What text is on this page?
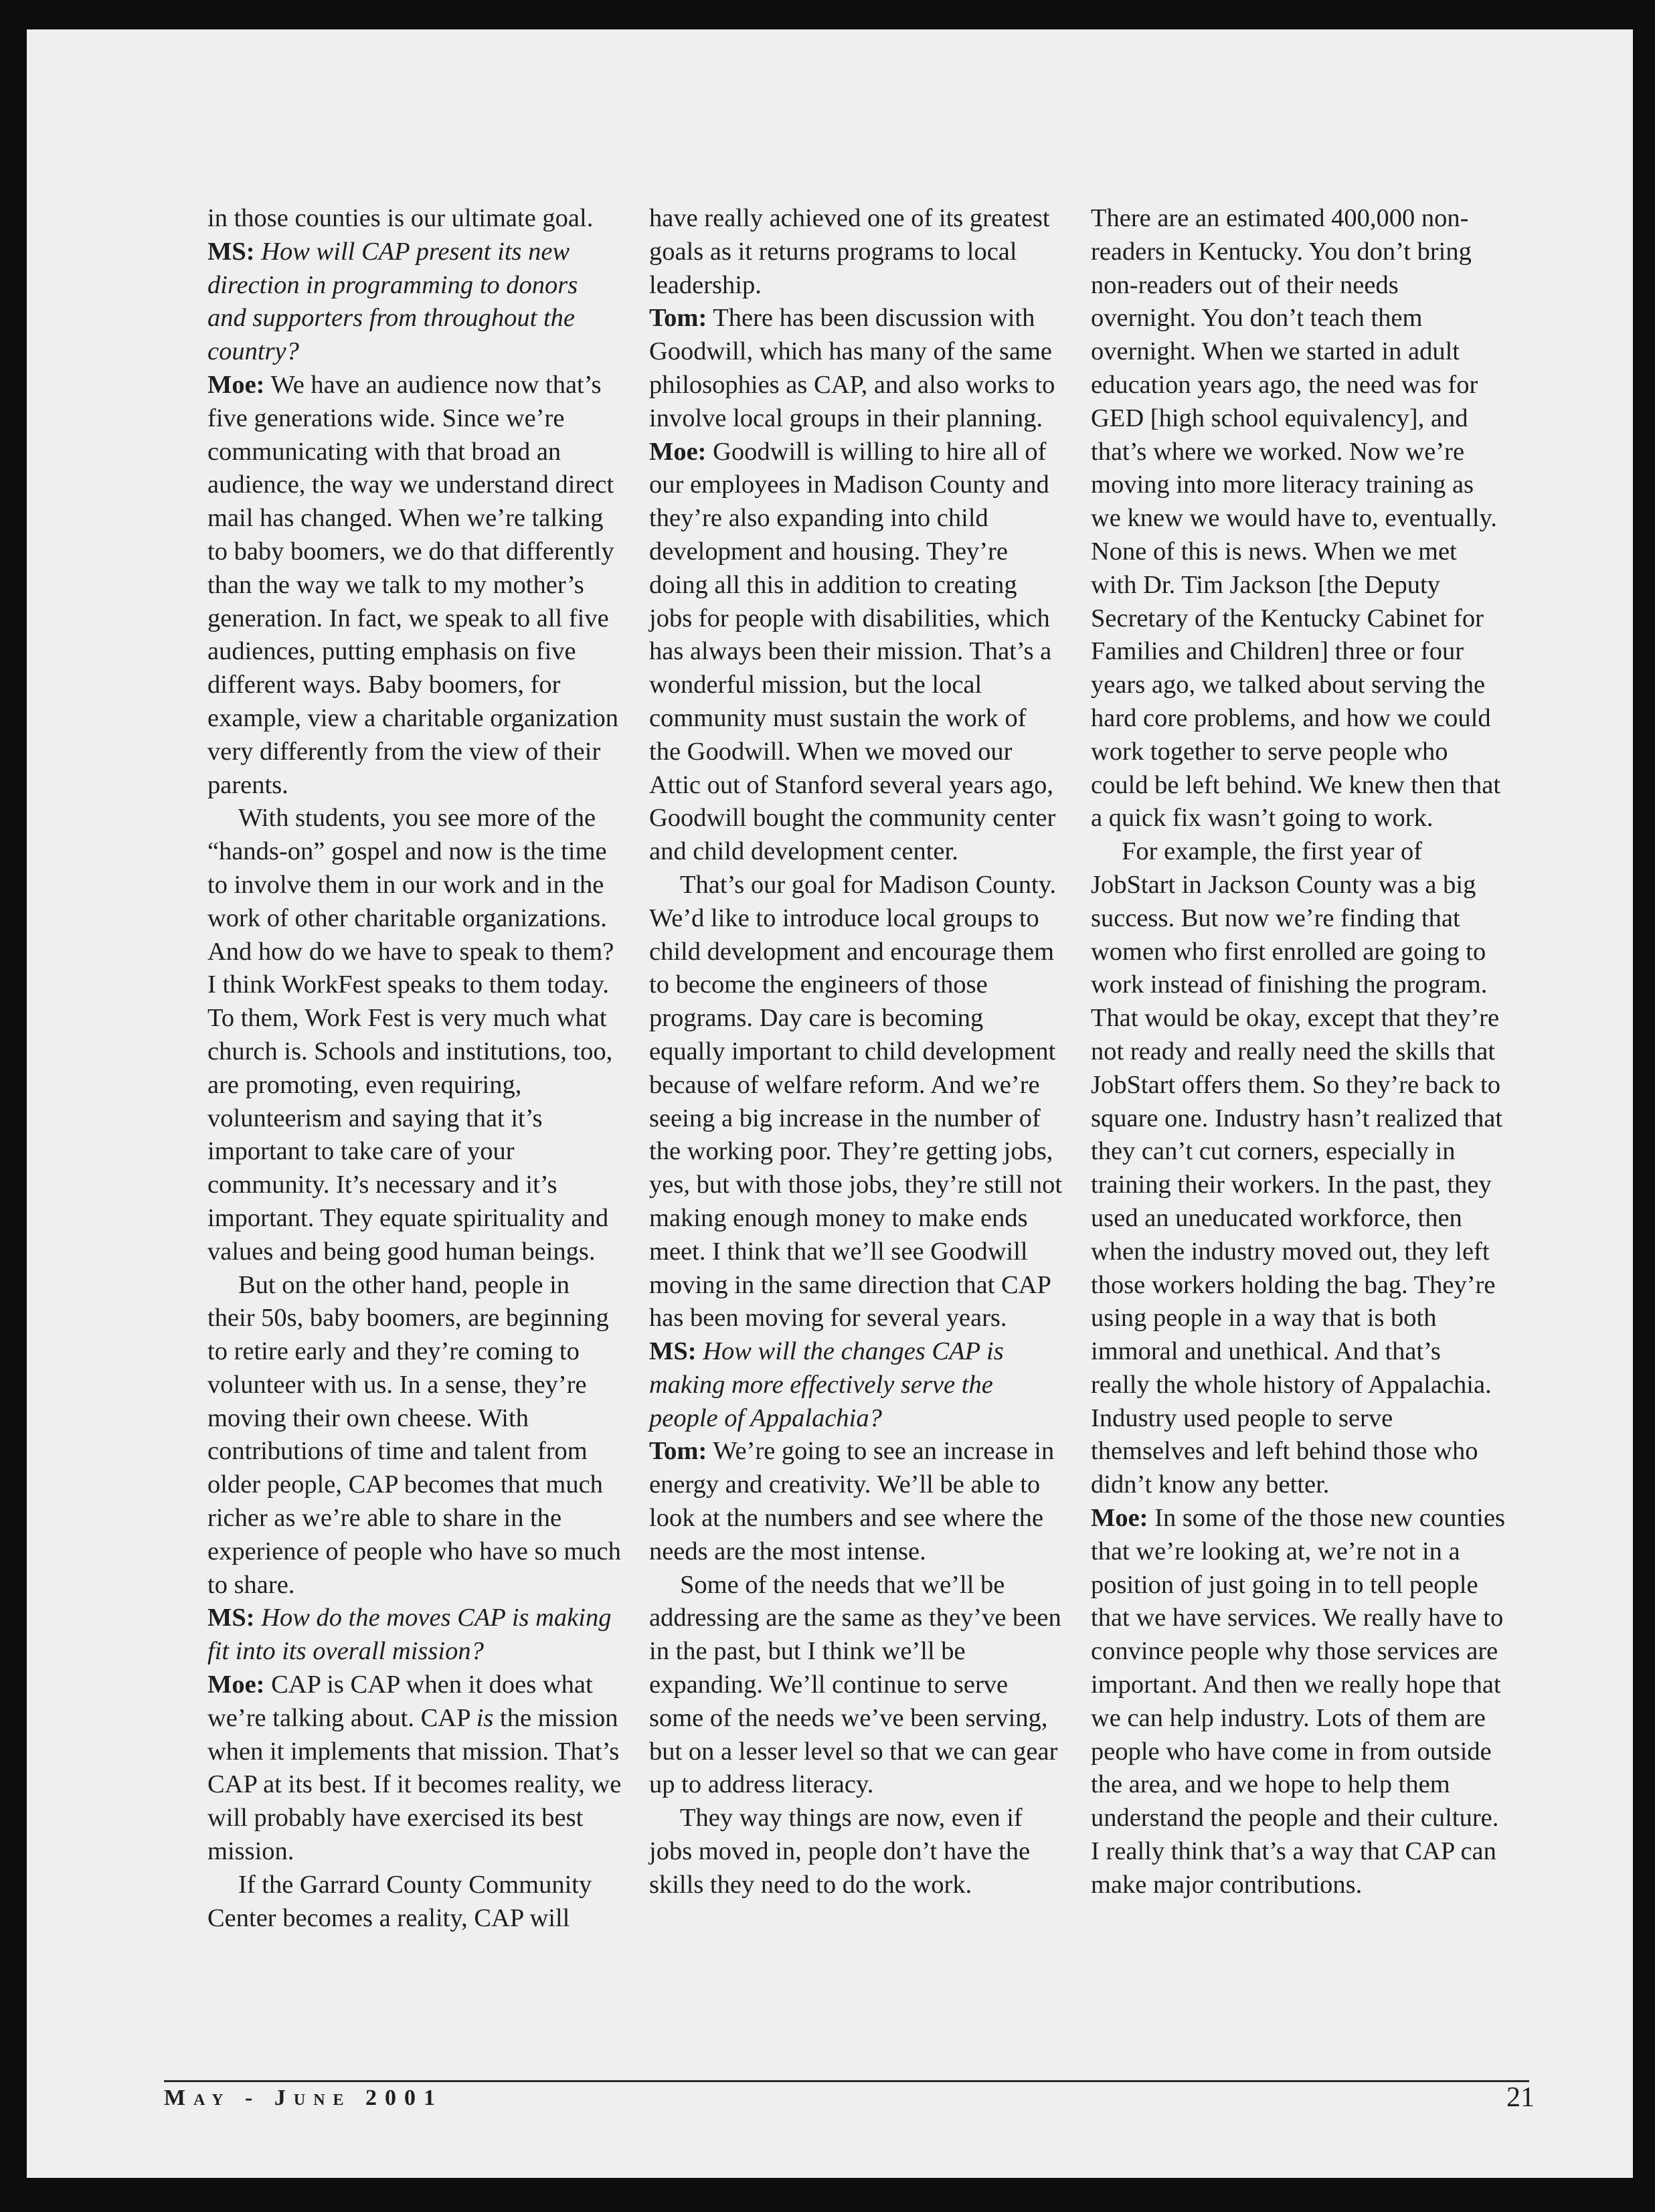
in those counties is our ultimate goal.

MS: How will CAP present its new direction in programming to donors and supporters from throughout the country?

Moe: We have an audience now that’s five generations wide. Since we’re communicating with that broad an audience, the way we understand direct mail has changed. When we’re talking to baby boomers, we do that differently than the way we talk to my mother’s generation. In fact, we speak to all five audiences, putting emphasis on five different ways. Baby boomers, for example, view a charitable organization very differently from the view of their parents.

With students, you see more of the “hands-on” gospel and now is the time to involve them in our work and in the work of other charitable organizations. And how do we have to speak to them? I think WorkFest speaks to them today. To them, Work Fest is very much what church is. Schools and institutions, too, are promoting, even requiring, volunteerism and saying that it’s important to take care of your community. It’s necessary and it’s important. They equate spirituality and values and being good human beings.

But on the other hand, people in their 50s, baby boomers, are beginning to retire early and they’re coming to volunteer with us. In a sense, they’re moving their own cheese. With contributions of time and talent from older people, CAP becomes that much richer as we’re able to share in the experience of people who have so much to share.

MS: How do the moves CAP is making fit into its overall mission?

Moe: CAP is CAP when it does what we’re talking about. CAP is the mission when it implements that mission. That’s CAP at its best. If it becomes reality, we will probably have exercised its best mission.

If the Garrard County Community Center becomes a reality, CAP will

have really achieved one of its greatest goals as it returns programs to local leadership.

Tom: There has been discussion with Goodwill, which has many of the same philosophies as CAP, and also works to involve local groups in their planning.

Moe: Goodwill is willing to hire all of our employees in Madison County and they’re also expanding into child development and housing. They’re doing all this in addition to creating jobs for people with disabilities, which has always been their mission. That’s a wonderful mission, but the local community must sustain the work of the Goodwill. When we moved our Attic out of Stanford several years ago, Goodwill bought the community center and child development center.

That’s our goal for Madison County. We’d like to introduce local groups to child development and encourage them to become the engineers of those programs. Day care is becoming equally important to child development because of welfare reform. And we’re seeing a big increase in the number of the working poor. They’re getting jobs, yes, but with those jobs, they’re still not making enough money to make ends meet. I think that we’ll see Goodwill moving in the same direction that CAP has been moving for several years.

MS: How will the changes CAP is making more effectively serve the people of Appalachia?

Tom: We’re going to see an increase in energy and creativity. We’ll be able to look at the numbers and see where the needs are the most intense.

Some of the needs that we’ll be addressing are the same as they’ve been in the past, but I think we’ll be expanding. We’ll continue to serve some of the needs we’ve been serving, but on a lesser level so that we can gear up to address literacy.

They way things are now, even if jobs moved in, people don’t have the skills they need to do the work.

There are an estimated 400,000 non-readers in Kentucky. You don’t bring non-readers out of their needs overnight. You don’t teach them overnight. When we started in adult education years ago, the need was for GED [high school equivalency], and that’s where we worked. Now we’re moving into more literacy training as we knew we would have to, eventually. None of this is news. When we met with Dr. Tim Jackson [the Deputy Secretary of the Kentucky Cabinet for Families and Children] three or four years ago, we talked about serving the hard core problems, and how we could work together to serve people who could be left behind. We knew then that a quick fix wasn’t going to work.

For example, the first year of JobStart in Jackson County was a big success. But now we’re finding that women who first enrolled are going to work instead of finishing the program. That would be okay, except that they’re not ready and really need the skills that JobStart offers them. So they’re back to square one. Industry hasn’t realized that they can’t cut corners, especially in training their workers. In the past, they used an uneducated workforce, then when the industry moved out, they left those workers holding the bag. They’re using people in a way that is both immoral and unethical. And that’s really the whole history of Appalachia. Industry used people to serve themselves and left behind those who didn’t know any better.

Moe: In some of the those new counties that we’re looking at, we’re not in a position of just going in to tell people that we have services. We really have to convince people why those services are important. And then we really hope that we can help industry. Lots of them are people who have come in from outside the area, and we hope to help them understand the people and their culture. I really think that’s a way that CAP can make major contributions.

May - June 2001	21
